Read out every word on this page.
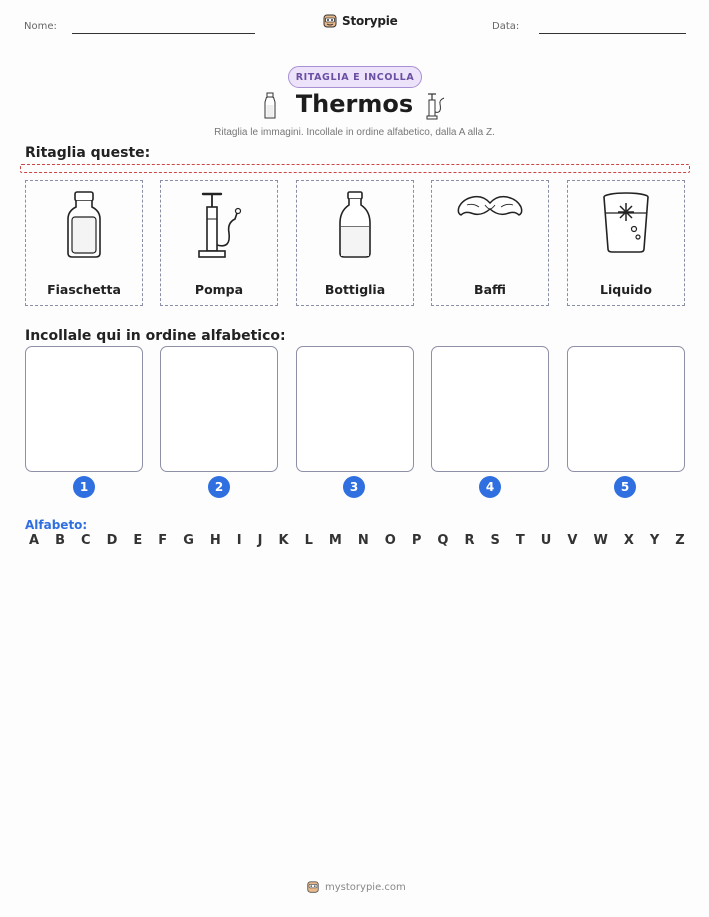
Nome:	Storypie	Data:
RITAGLIA E INCOLLA
Thermos
Ritaglia le immagini. Incollale in ordine alfabetico, dalla A alla Z.
Ritaglia queste:
Fiaschetta	Pompa	Bottiglia	Baffi	Liquido
Incollale qui in ordine alfabetico:
1	2	3	4	5
Alfabeto:
A B C D E F G H I J K L M N O P Q R S T U V W X Y Z
mystorypie.com
